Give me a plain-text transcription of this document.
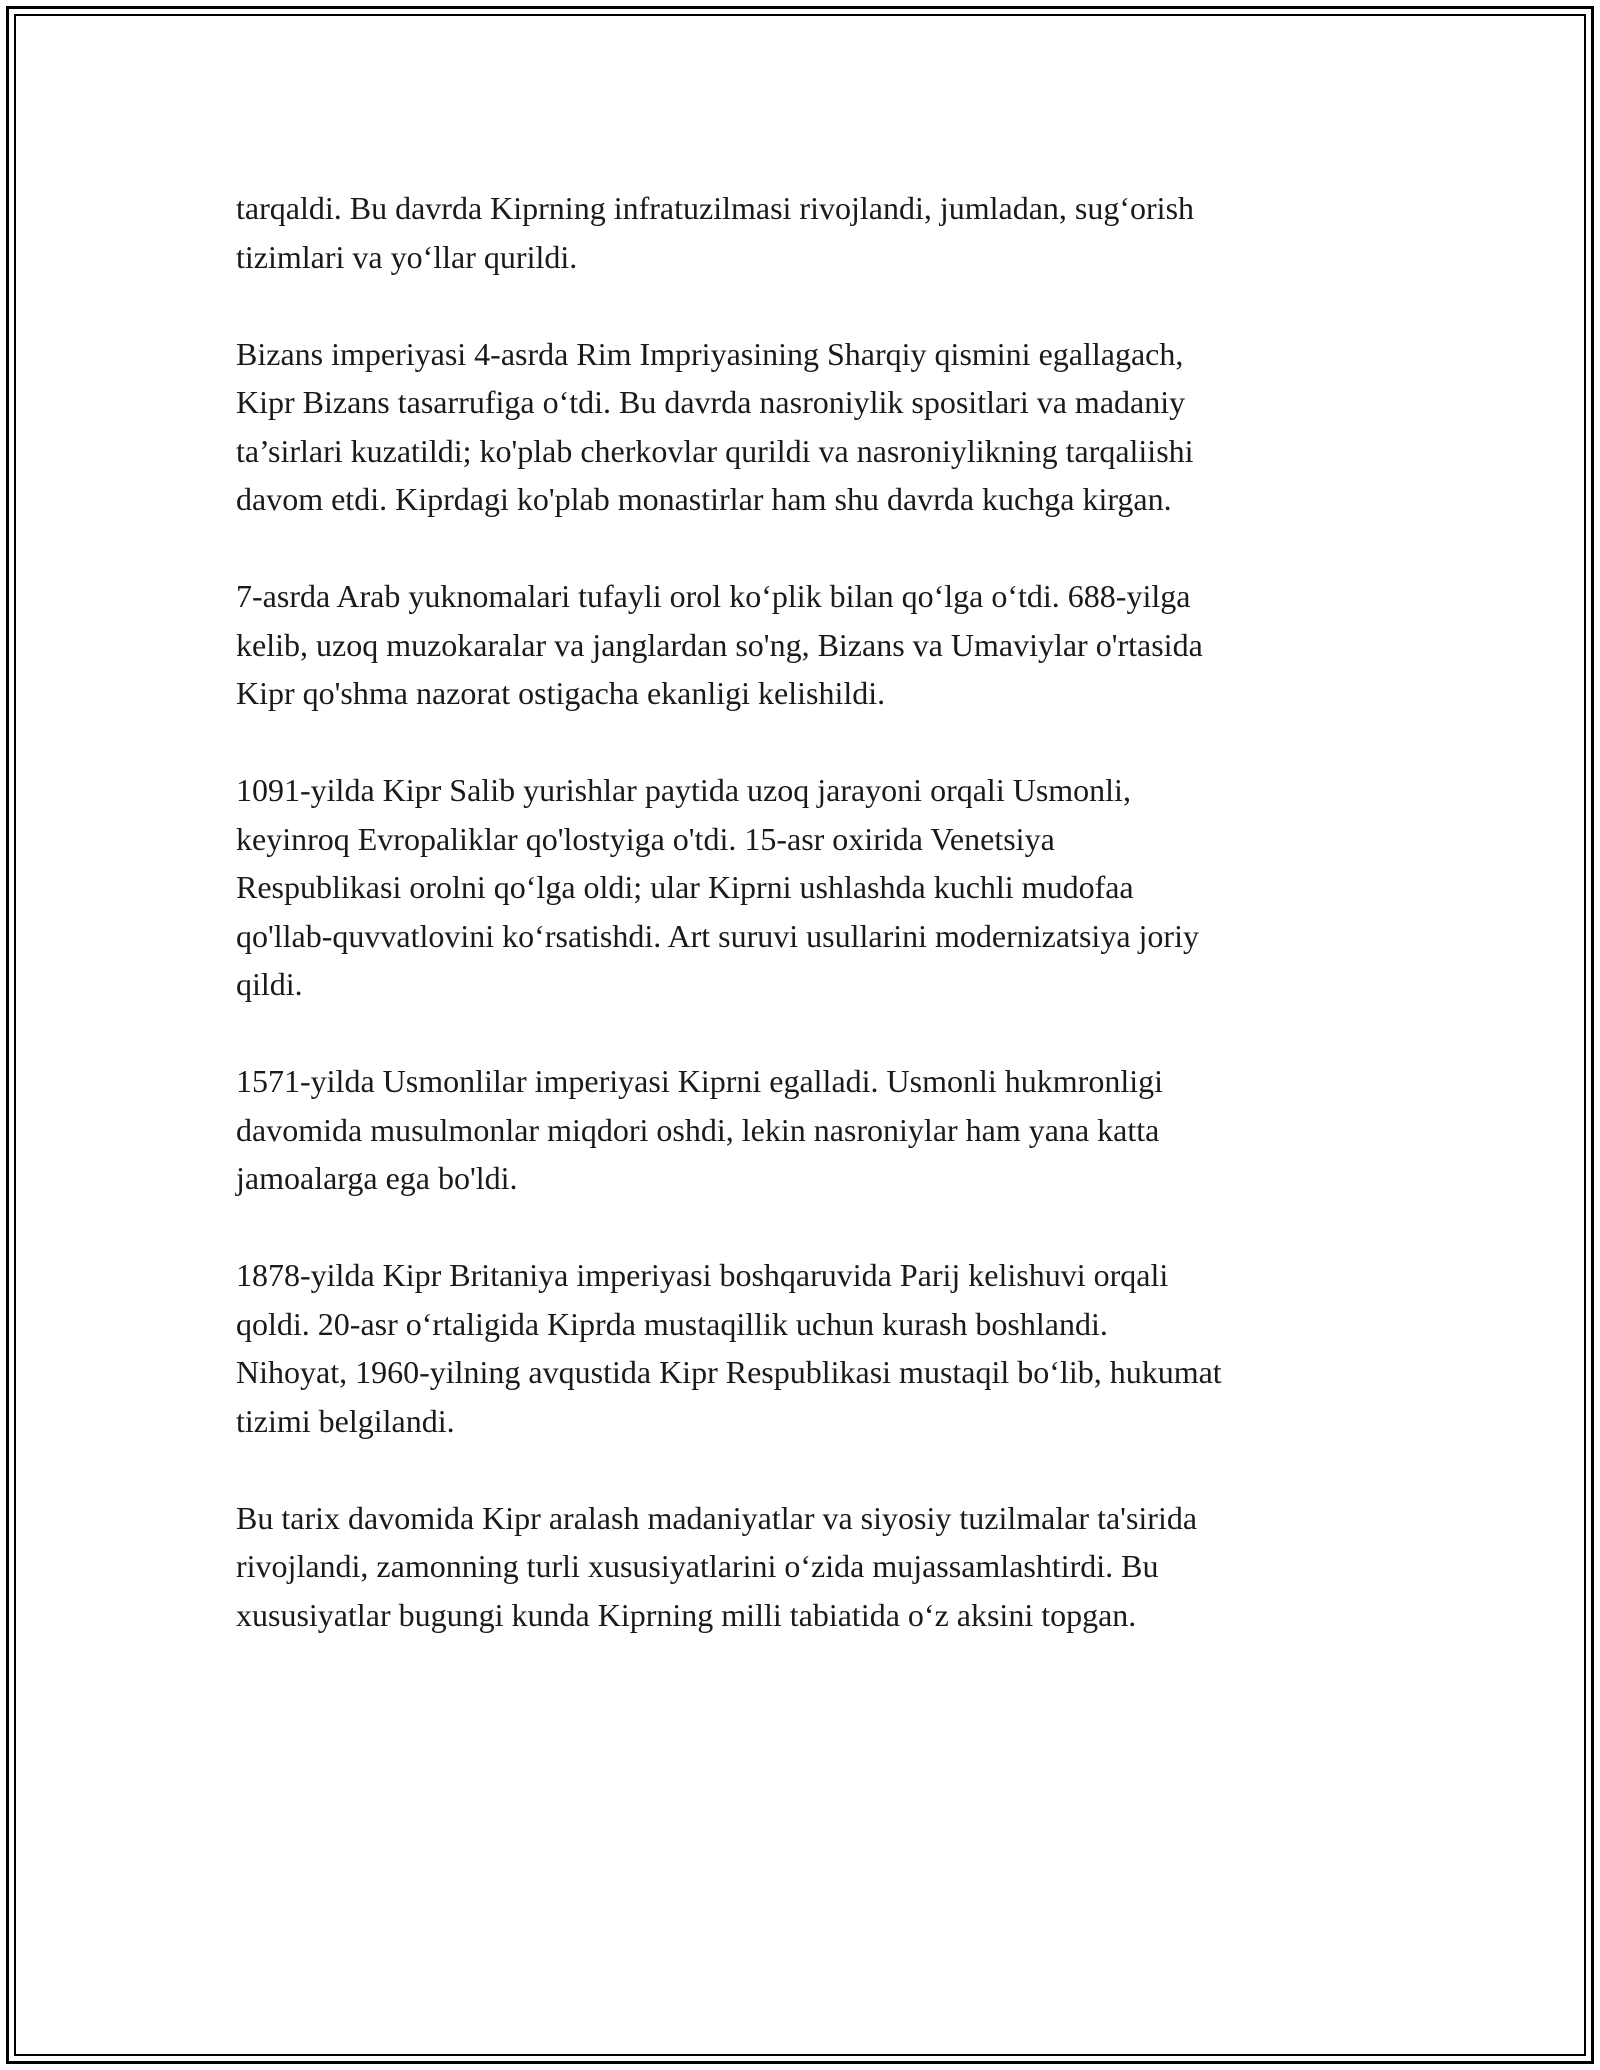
tarqaldi. Bu davrda Kiprning infratuzilmasi rivojlandi, jumladan, sug‘orish
tizimlari va yo‘llar qurildi.

Bizans imperiyasi 4-asrda Rim Impriyasining Sharqiy qismini egallagach,
Kipr Bizans tasarrufiga o‘tdi. Bu davrda nasroniylik spositlari va madaniy
ta’sirlari kuzatildi; ko'plab cherkovlar qurildi va nasroniylikning tarqaliishi
davom etdi. Kiprdagi ko'plab monastirlar ham shu davrda kuchga kirgan.

7-asrda Arab yuknomalari tufayli orol ko‘plik bilan qo‘lga o‘tdi. 688-yilga
kelib, uzoq muzokaralar va janglardan so'ng, Bizans va Umaviylar o'rtasida
Kipr qo'shma nazorat ostigacha ekanligi kelishildi.

1091-yilda Kipr Salib yurishlar paytida uzoq jarayoni orqali Usmonli,
keyinroq Evropaliklar qo'lostyiga o'tdi. 15-asr oxirida Venetsiya
Respublikasi orolni qo‘lga oldi; ular Kiprni ushlashda kuchli mudofaa
qo'llab-quvvatlovini ko‘rsatishdi. Art suruvi usullarini modernizatsiya joriy
qildi.

1571-yilda Usmonlilar imperiyasi Kiprni egalladi. Usmonli hukmronligi
davomida musulmonlar miqdori oshdi, lekin nasroniylar ham yana katta
jamoalarga ega bo'ldi.

1878-yilda Kipr Britaniya imperiyasi boshqaruvida Parij kelishuvi orqali
qoldi. 20-asr o‘rtaligida Kiprda mustaqillik uchun kurash boshlandi.
Nihoyat, 1960-yilning avqustida Kipr Respublikasi mustaqil bo‘lib, hukumat
tizimi belgilandi.

Bu tarix davomida Kipr aralash madaniyatlar va siyosiy tuzilmalar ta'sirida
rivojlandi, zamonning turli xususiyatlarini o‘zida mujassamlashtirdi. Bu
xususiyatlar bugungi kunda Kiprning milli tabiatida o‘z aksini topgan.
